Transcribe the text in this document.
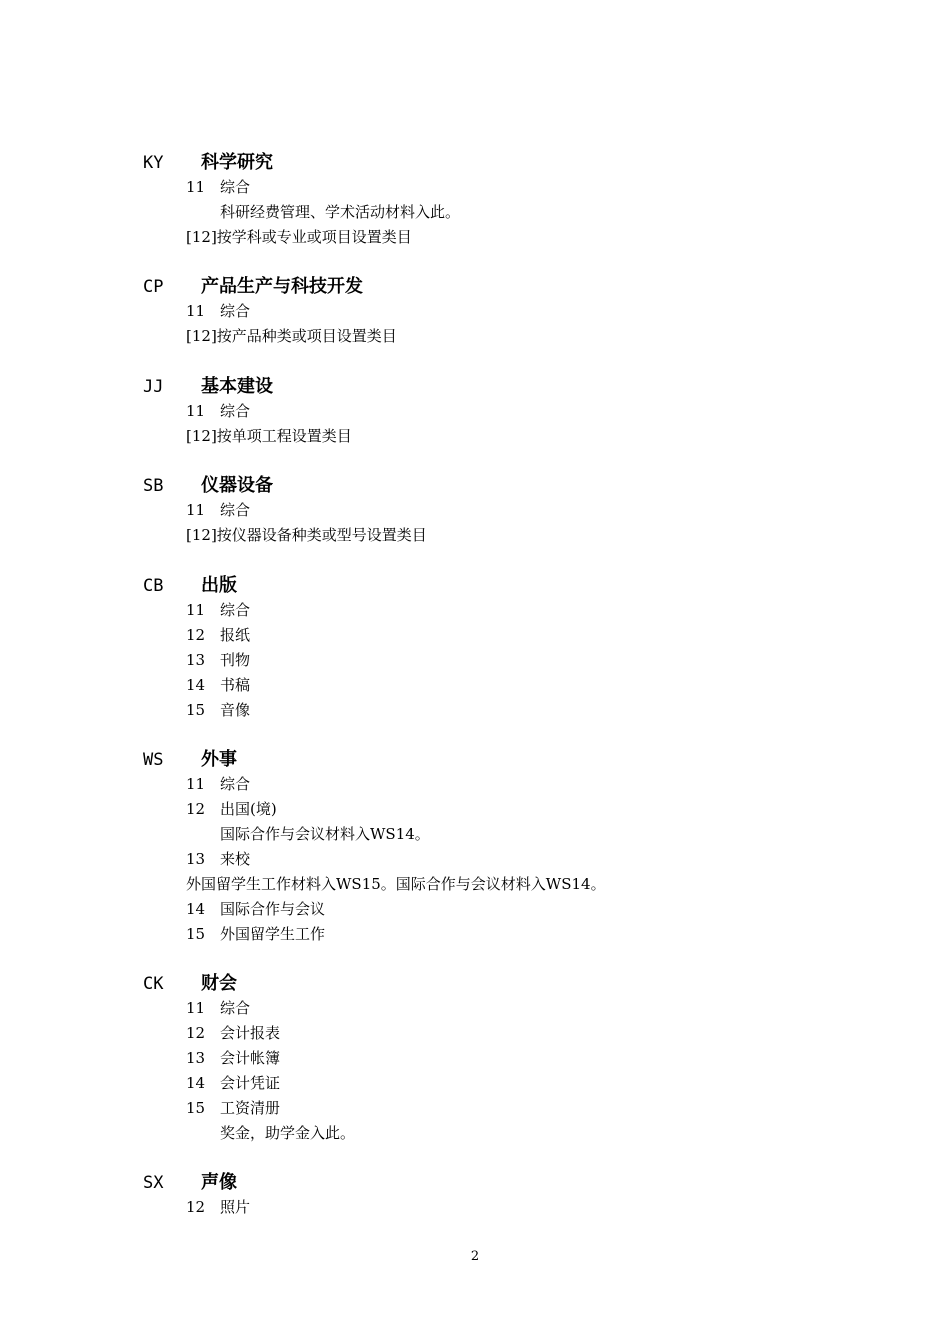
KY 科学研究
11 综合
科研经费管理、学术活动材料入此。
[12]按学科或专业或项目设置类目
CP 产品生产与科技开发
11 综合
[12]按产品种类或项目设置类目
JJ 基本建设
11 综合
[12]按单项工程设置类目
SB 仪器设备
11 综合
[12]按仪器设备种类或型号设置类目
CB 出版
11 综合
12 报纸
13 刊物
14 书稿
15 音像
WS 外事
11 综合
12 出国(境)
国际合作与会议材料入WS14。
13 来校
外国留学生工作材料入WS15。国际合作与会议材料入WS14。
14 国际合作与会议
15 外国留学生工作
CK 财会
11 综合
12 会计报表
13 会计帐簿
14 会计凭证
15 工资清册
奖金，助学金入此。
SX 声像
12 照片
2
